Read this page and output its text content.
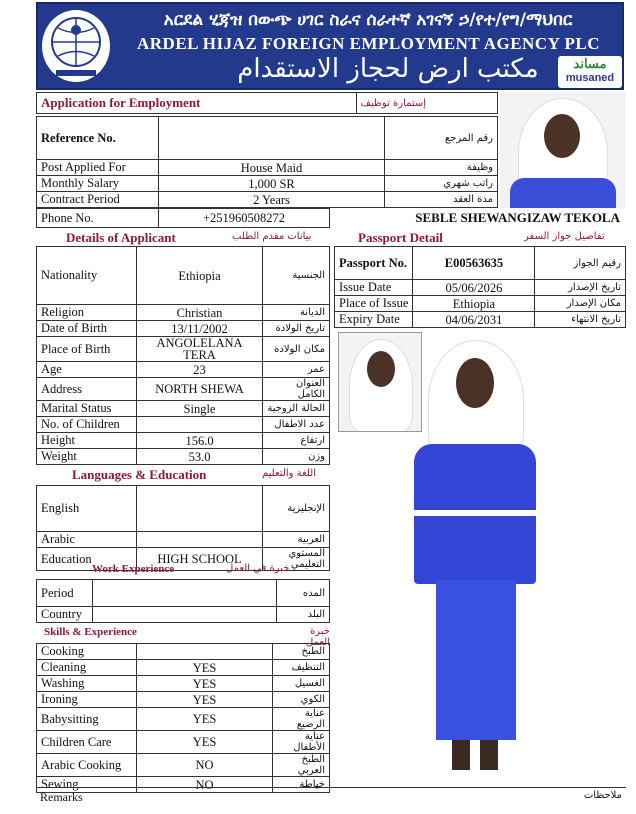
አርደል ሂጃዝ በውጭ ሀገር ስራና ሰራተኛ አገናኝ ኃ/የተ/የግ/ማህበር
ARDEL HIJAZ FOREIGN EMPLOYMENT AGENCY PLC
مكتب ارض لحجاز الاستقدام	مساند
musaned
Application for Employment	إستمارة توظيف
Reference No.		رقم المرجع
Post Applied For	House Maid	وظيفة
Monthly Salary	1,000 SR	راتب شهري
Contract Period	2 Years	مدة العقد
Phone No.	+251960508272	SEBLE SHEWANGIZAW TEKOLA
Details of Applicant	بيانات مقدم الطلب
Nationality	Ethiopia	الجنسية
Religion	Christian	الديانة
Date of Birth	13/11/2002	تاريخ الولادة
Place of Birth	ANGOLELANA TERA	مكان الولادة
Age	23	عمر
Address	NORTH SHEWA	العنوان الكامل
Marital Status	Single	الحالة الزوجية
No. of Children		عدد الاطفال
Height	156.0	ارتفاع
Weight	53.0	وزن
Passport Detail	تفاصيل جواز السفر
Passport No.	E00563635	رقيم الجواز
Issue Date	05/06/2026	تاريخ الإصدار
Place of Issue	Ethiopia	مكان الإصدار
Expiry Date	04/06/2031	تاريخ الانتهاء
Languages & Education	اللغة والتعليم
English		الإنجليزية
Arabic		العربية
Education	HIGH SCHOOL	المستوي التعليمي
Work Experience	خبرة في العمل
Period		المده
Country		البلد
Skills & Experience	خبرة العمل
Cooking		الطبخ
Cleaning	YES	التنظيف
Washing	YES	الغسيل
Ironing	YES	الكوي
Babysitting	YES	عناية الرضيع
Children Care	YES	عناية الأطفال
Arabic Cooking	NO	الطبخ العربي
Sewing	NO	خياطة
Remarks	ملاحظات
